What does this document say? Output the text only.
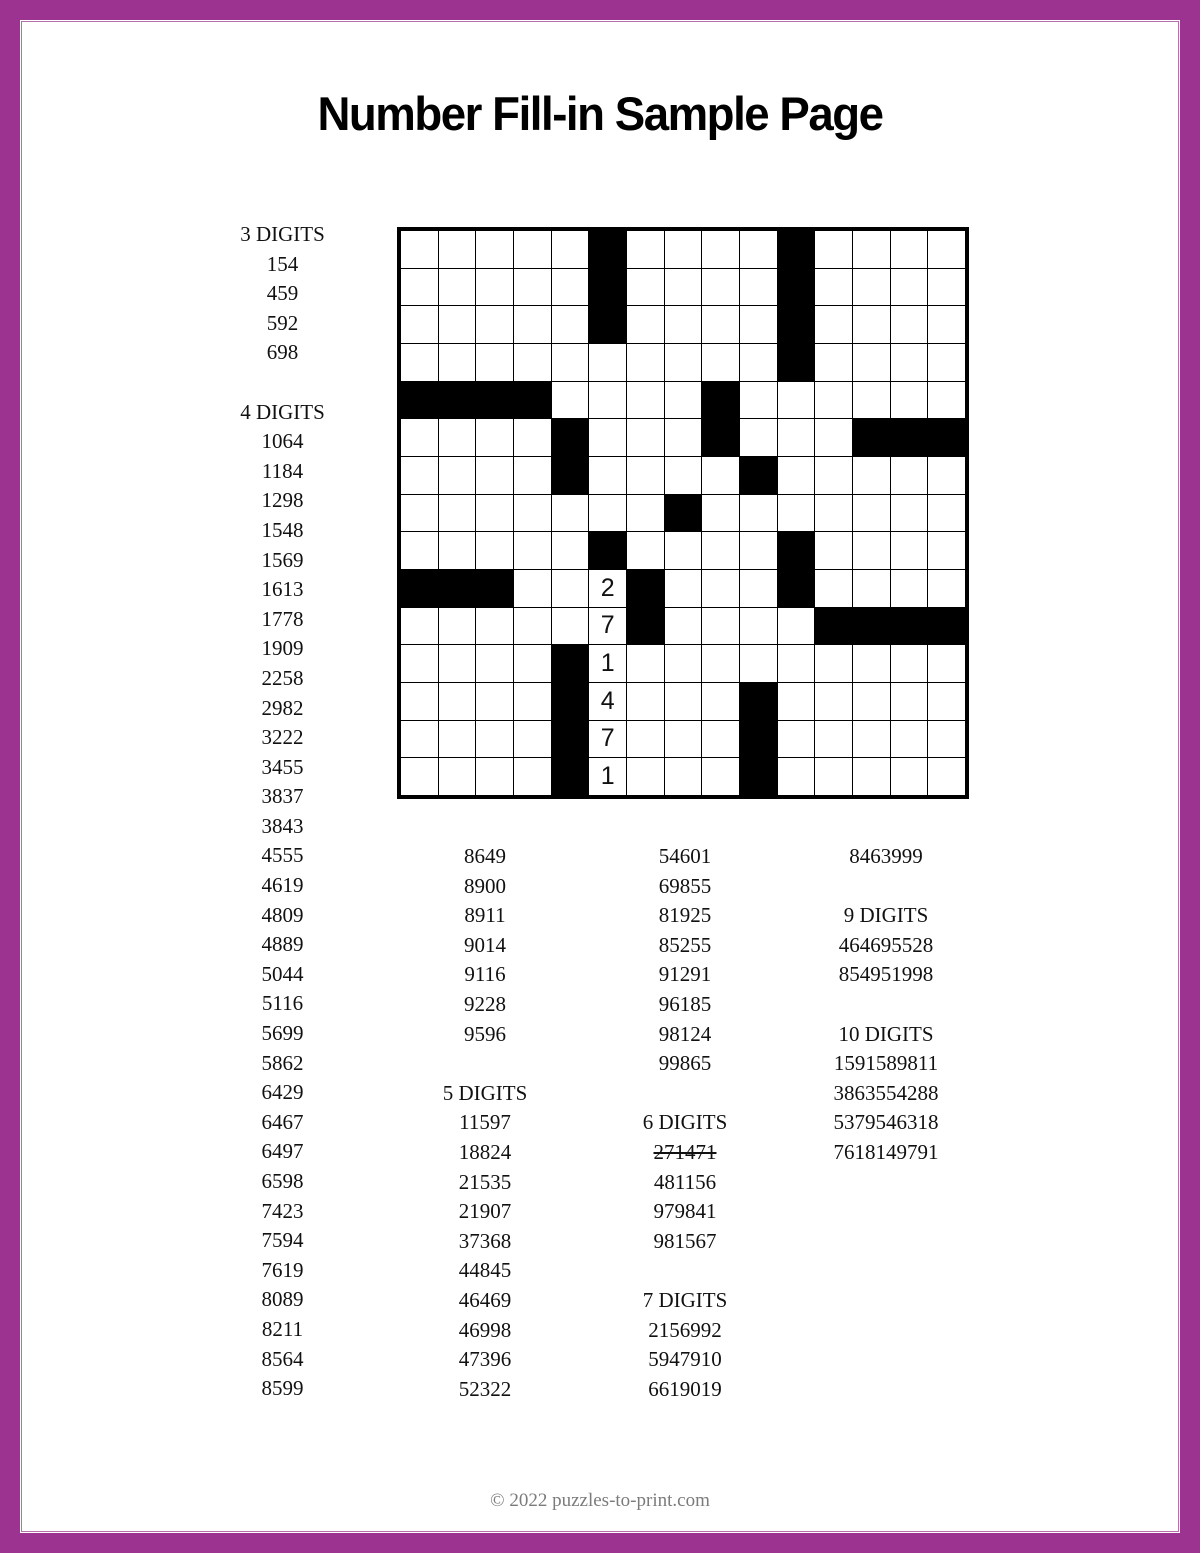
Number Fill-in Sample Page
2
7
1
4
7
1
3 DIGITS
154
459
592
698

4 DIGITS
1064
1184
1298
1548
1569
1613
1778
1909
2258
2982
3222
3455
3837
3843
4555
4619
4809
4889
5044
5116
5699
5862
6429
6467
6497
6598
7423
7594
7619
8089
8211
8564
8599
8649
8900
8911
9014
9116
9228
9596

5 DIGITS
11597
18824
21535
21907
37368
44845
46469
46998
47396
52322
54601
69855
81925
85255
91291
96185
98124
99865

6 DIGITS
271471
481156
979841
981567

7 DIGITS
2156992
5947910
6619019
8463999

9 DIGITS
464695528
854951998

10 DIGITS
1591589811
3863554288
5379546318
7618149791
© 2022 puzzles-to-print.com
